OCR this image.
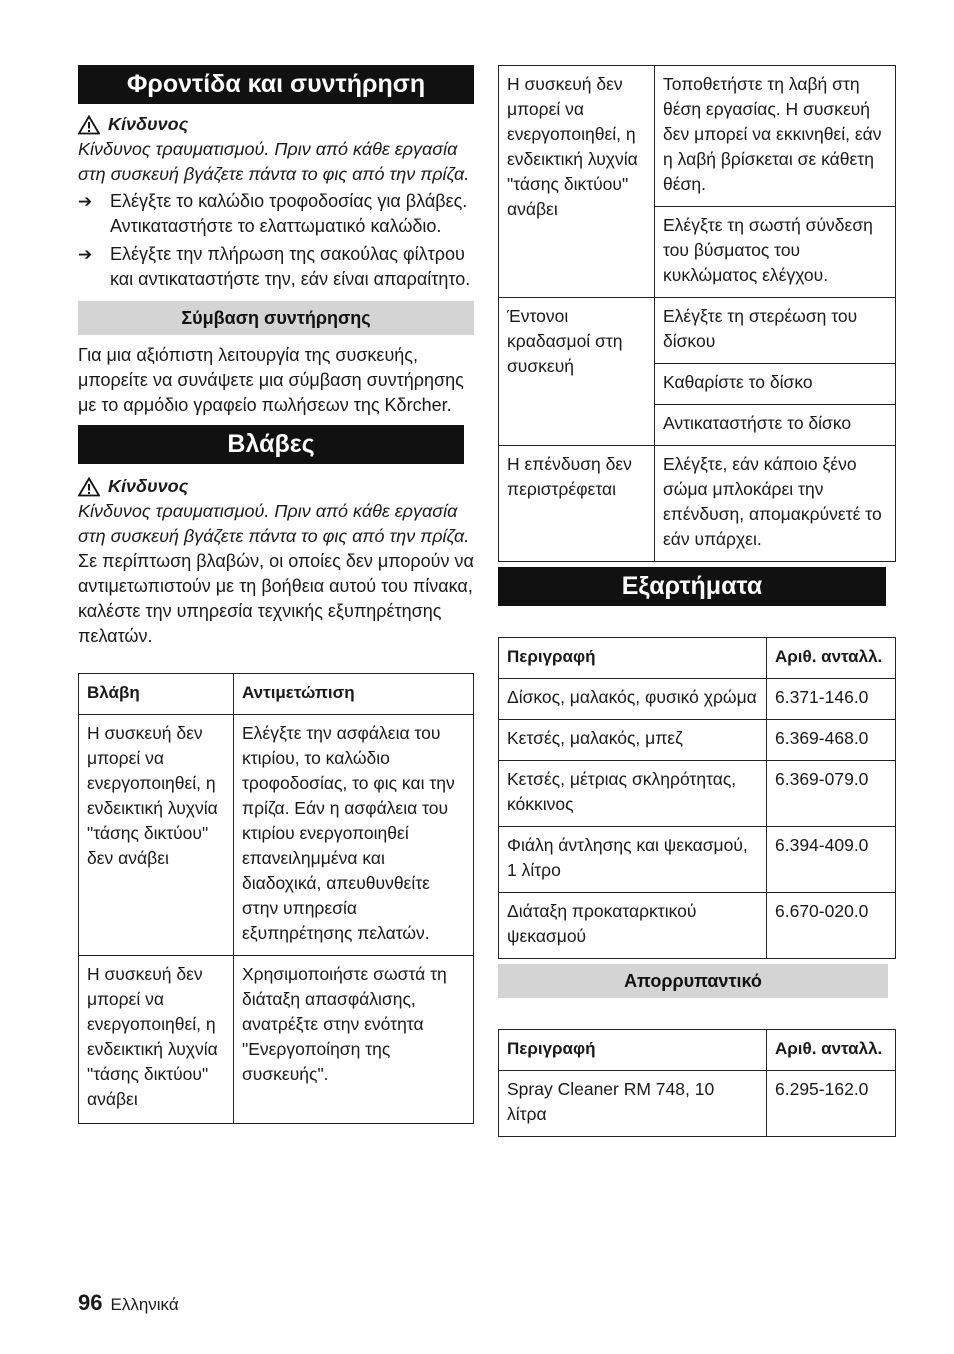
Φροντίδα και συντήρηση
Κίνδυνος

Κίνδυνος τραυματισμού. Πριν από κάθε εργασία στη συσκευή βγάζετε πάντα το φις από την πρίζα.

➔ Ελέγξτε το καλώδιο τροφοδοσίας για βλάβες. Αντικαταστήστε το ελαττωματικό καλώδιο.
➔ Ελέγξτε την πλήρωση της σακούλας φίλτρου και αντικαταστήστε την, εάν είναι απαραίτητο.
Σύμβαση συντήρησης

Για μια αξιόπιστη λειτουργία της συσκευής, μπορείτε να συνάψετε μια σύμβαση συντήρησης με το αρμόδιο γραφείο πωλήσεων της Kδrcher.

Βλάβες
Κίνδυνος

Κίνδυνος τραυματισμού. Πριν από κάθε εργασία στη συσκευή βγάζετε πάντα το φις από την πρίζα.

Σε περίπτωση βλαβών, οι οποίες δεν μπορούν να αντιμετωπιστούν με τη βοήθεια αυτού του πίνακα, καλέστε την υπηρεσία τεχνικής εξυπηρέτησης πελατών.

Βλάβη	Αντιμετώπιση
Η συσκευή δεν μπορεί να ενεργοποιηθεί, η ενδεικτική λυχνία "τάσης δικτύου" δεν ανάβει	Ελέγξτε την ασφάλεια του κτιρίου, το καλώδιο τροφοδοσίας, το φις και την πρίζα. Εάν η ασφάλεια του κτιρίου ενεργοποιηθεί επανειλημμένα και διαδοχικά, απευθυνθείτε στην υπηρεσία εξυπηρέτησης πελατών.
Η συσκευή δεν μπορεί να ενεργοποιηθεί, η ενδεικτική λυχνία "τάσης δικτύου" ανάβει	Χρησιμοποιήστε σωστά τη διάταξη απασφάλισης, ανατρέξτε στην ενότητα "Ενεργοποίηση της συσκευής".
Η συσκευή δεν μπορεί να ενεργοποιηθεί, η ενδεικτική λυχνία "τάσης δικτύου" ανάβει	Τοποθετήστε τη λαβή στη θέση εργασίας. Η συσκευή δεν μπορεί να εκκινηθεί, εάν η λαβή βρίσκεται σε κάθετη θέση.
	Ελέγξτε τη σωστή σύνδεση του βύσματος του κυκλώματος ελέγχου.
Έντονοι κραδασμοί στη συσκευή	Ελέγξτε τη στερέωση του δίσκου
	Καθαρίστε το δίσκο
	Αντικαταστήστε το δίσκο
Η επένδυση δεν περιστρέφεται	Ελέγξτε, εάν κάποιο ξένο σώμα μπλοκάρει την επένδυση, απομακρύνετέ το εάν υπάρχει.
Εξαρτήματα
Περιγραφή	Αριθ. ανταλλ.
Δίσκος, μαλακός, φυσικό χρώμα	6.371-146.0
Κετσές, μαλακός, μπεζ	6.369-468.0
Κετσές, μέτριας σκληρότητας, κόκκινος	6.369-079.0
Φιάλη άντλησης και ψεκασμού, 1 λίτρο	6.394-409.0
Διάταξη προκαταρκτικού ψεκασμού	6.670-020.0
Απορρυπαντικό
Περιγραφή	Αριθ. ανταλλ.
Spray Cleaner RM 748, 10 λίτρα	6.295-162.0
96 Ελληνικά
